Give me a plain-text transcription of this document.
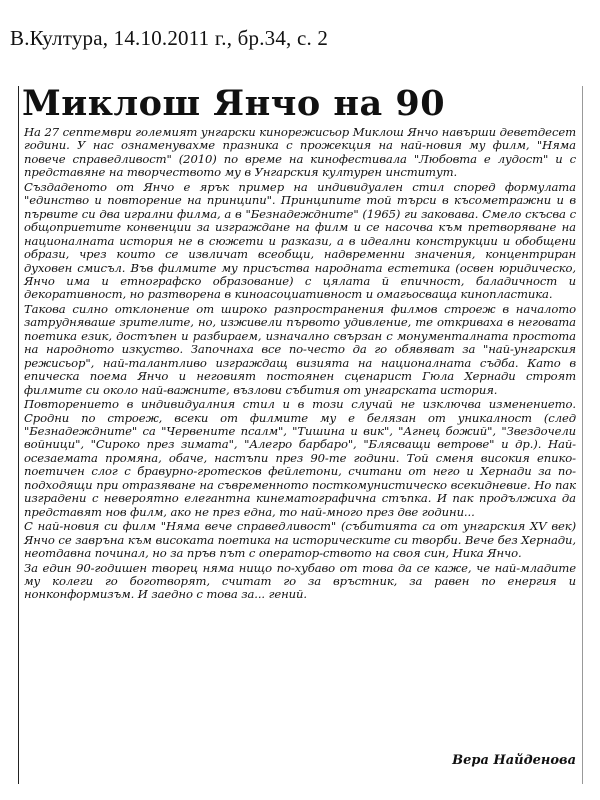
В.Култура, 14.10.2011 г., бр.34, с. 2
Миклош Янчо на 90

На 27 септември големият унгарски кинорежисьор Миклош Янчо навърши деветдесет години. У нас ознаменувахме празника с прожекция на най-новия му филм, "Няма повече справедливост" (2010) по време на кинофестивала "Любовта е лудост" и с представяне на творчеството му в Унгарския културен институт.

Създаденото от Янчо е ярък пример на индивидуален стил според формулата "единство и повторение на принципи". Принципите той търси в късометражни и в първите си два игрални филма, а в "Безнадеждните" (1965) ги заковава. Смело скъсва с общоприетите конвенции за изграждане на филм и се насочва към претворяване на националната история не в сюжети и разкази, а в идеални конструкции и обобщени образи, чрез които се извличат всеобщи, надвременни значения, концентриран духовен смисъл. Във филмите му присъства народната естетика (освен юридическо, Янчо има и етнографско образование) с цялата й епичност, баладичност и декоративност, но разтворена в кинoасоциативност и омагьосваща кинопластика.

Такова силно отклонение от широко разпространения филмов строеж в началото затрудняваше зрителите, но, изживели първото удивление, те откриваха в неговата поетика език, достъпен и разбираем, изначално свързан с монументалната простота на народното изкуство. Започнаха все по-често да го обявяват за "най-унгарския режисьор", най-талантливо изграждащ визията на националната съдба. Като в епическа поема Янчо и неговият постоянен сценарист Гюла Хернади строят филмите си около най-важните, възлови събития от унгарската история.

Повторението в индивидуалния стил и в този случай не изключва изменението. Сродни по строеж, всеки от филмите му е белязан от уникалност (след "Безнадеждните" са "Червените псалм", "Тишина и вик", "Агнец божий", "Звездочели войници", "Сироко през зимата", "Алегро барбаро", "Блясващи ветрове" и др.). Най-осезаемата промяна, обаче, настъпи през 90-те години. Той сменя високия епико-поетичен слог с бравурно-гротесков фейлетони, считани от него и Хернади за по-подходящи при отразяване на съвременното посткомунистическо всекидневие. Но пак изградени с невероятно елегантна кинематографична стъпка. И пак продължиха да представят нов филм, ако не през една, то най-много през две години...

С най-новия си филм "Няма вече справедливост" (събитията са от унгарския XV век) Янчо се завръна към високата поетика на историческите си творби. Вече без Хернади, неотдавна починал, но за пръв път с оператор-ството на своя син, Ника Янчо.

За един 90-годишен творец няма нищо по-хубаво от това да се каже, че най-младите му колеги го боготворят, считат го за връстник, за равен по енергия и нонконформизъм. И заедно с това за... гений.

Вера Найденова
